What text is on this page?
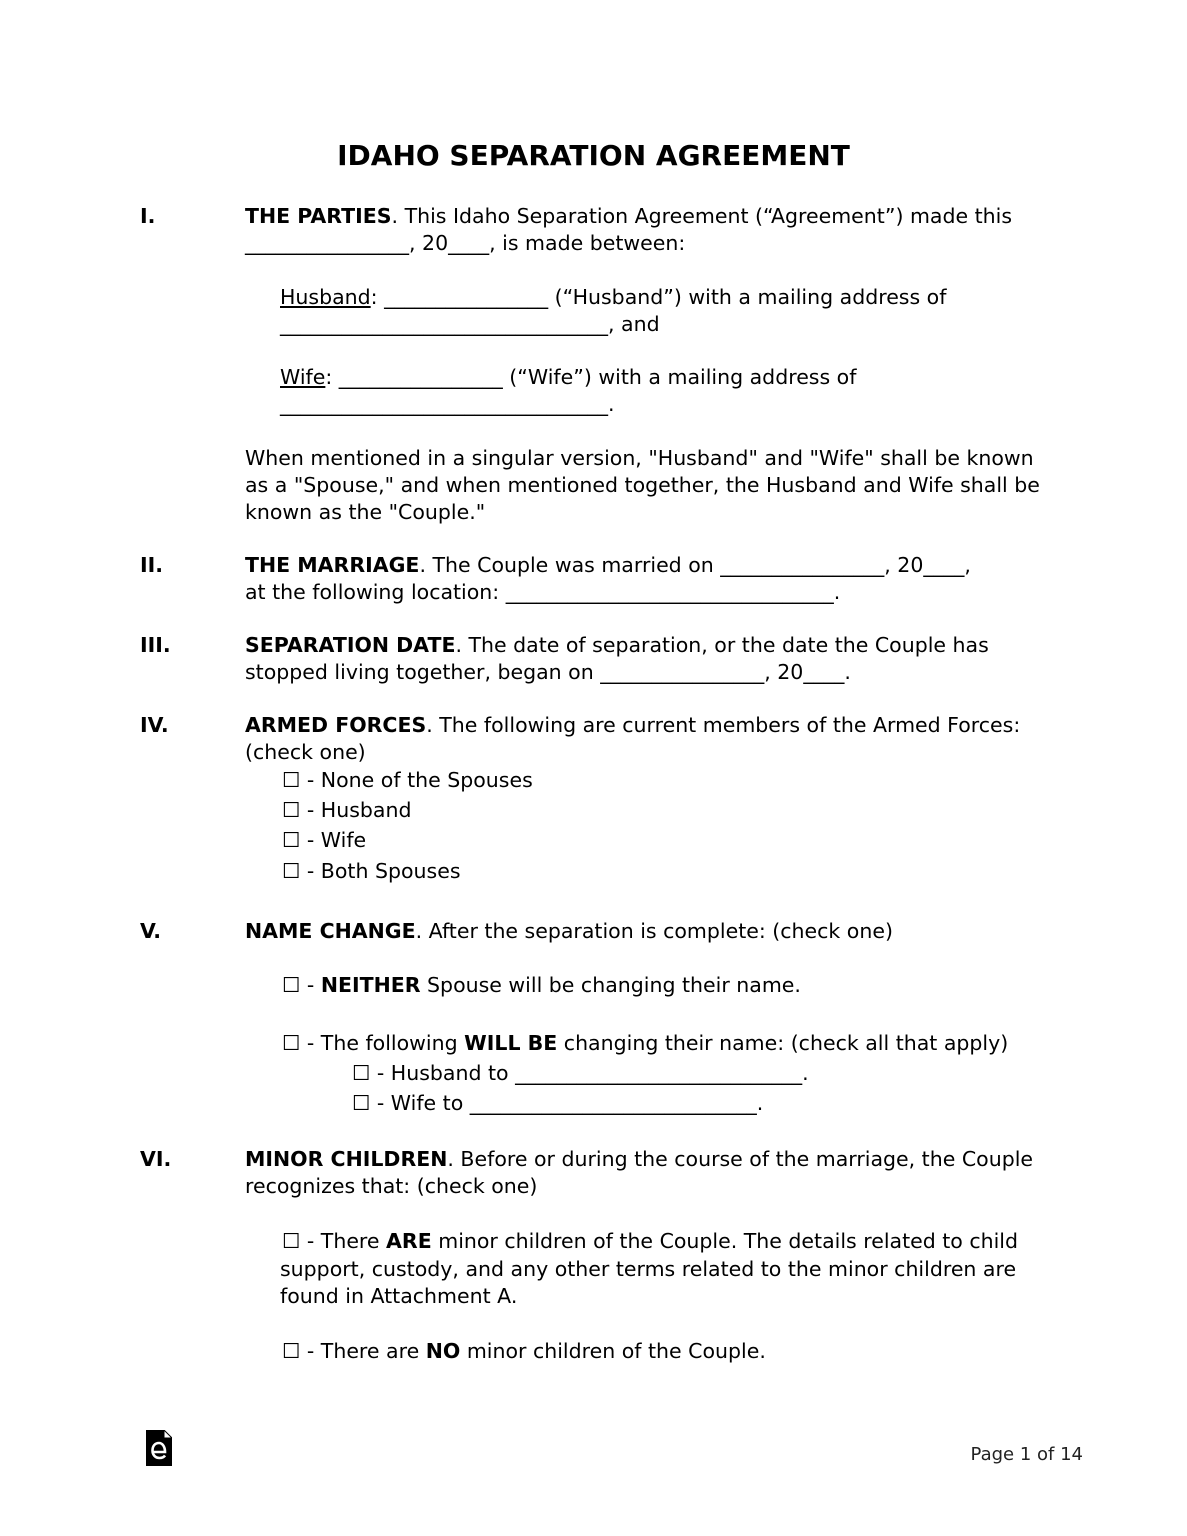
IDAHO SEPARATION AGREEMENT
I.	THE PARTIES. This Idaho Separation Agreement (“Agreement”) made this
________________, 20____, is made between:
Husband: ________________ (“Husband”) with a mailing address of
________________________________, and
Wife: ________________ (“Wife”) with a mailing address of
________________________________.
When mentioned in a singular version, "Husband" and "Wife" shall be known
as a "Spouse," and when mentioned together, the Husband and Wife shall be
known as the "Couple."
II.	THE MARRIAGE. The Couple was married on ________________, 20____,
at the following location: ________________________________.
III.	SEPARATION DATE. The date of separation, or the date the Couple has
stopped living together, began on ________________, 20____.
IV.	ARMED FORCES. The following are current members of the Armed Forces:
(check one)
☐ - None of the Spouses
☐ - Husband
☐ - Wife
☐ - Both Spouses
V.	NAME CHANGE. After the separation is complete: (check one)
☐ - NEITHER Spouse will be changing their name.
☐ - The following WILL BE changing their name: (check all that apply)
☐ - Husband to ____________________________.
☐ - Wife to ____________________________.
VI.	MINOR CHILDREN. Before or during the course of the marriage, the Couple
recognizes that: (check one)
☐ - There ARE minor children of the Couple. The details related to child
support, custody, and any other terms related to the minor children are
found in Attachment A.
☐ - There are NO minor children of the Couple.
Page 1 of 14
